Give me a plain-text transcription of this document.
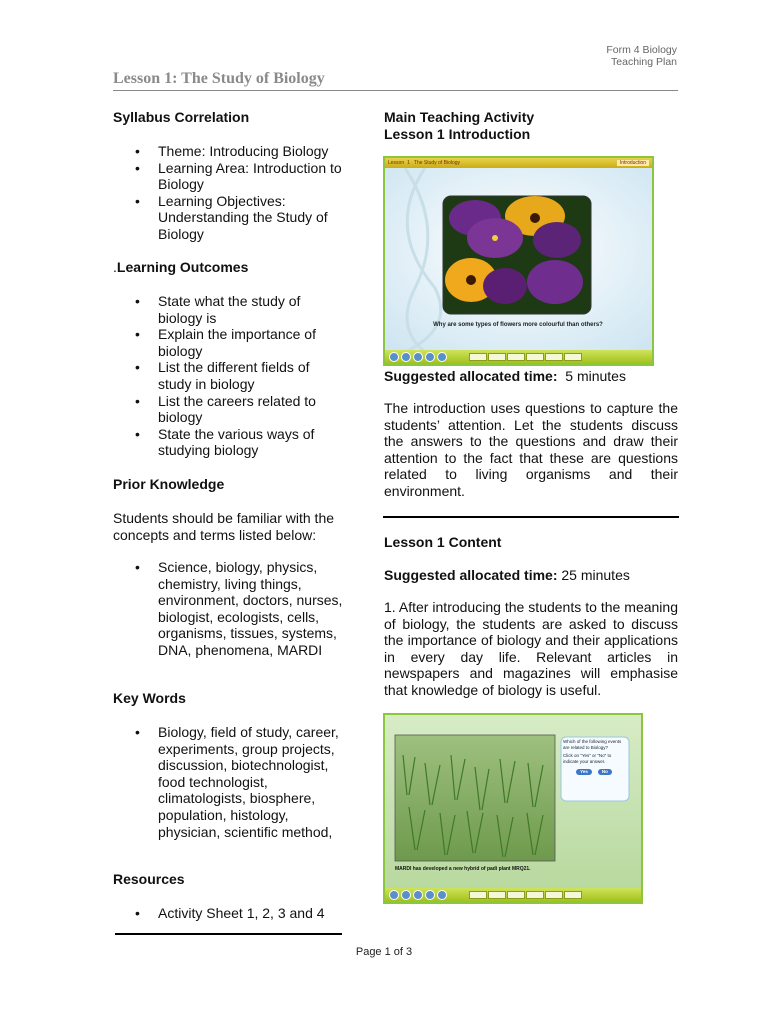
Form 4 Biology
Teaching Plan
Lesson 1: The Study of Biology
Syllabus Correlation
• Theme: Introducing Biology
• Learning Area: Introduction to Biology
• Learning Objectives: Understanding the Study of Biology
.Learning Outcomes
• State what the study of biology is
• Explain the importance of biology
• List the different fields of study in biology
• List the careers related to biology
• State the various ways of studying biology
Prior Knowledge
Students should be familiar with the concepts and terms listed below:
• Science, biology, physics, chemistry, living things, environment, doctors, nurses, biologist, ecologists, cells, organisms, tissues, systems, DNA, phenomena, MARDI
Key Words
• Biology, field of study, career, experiments, group projects, discussion, biotechnologist, food technologist, climatologists, biosphere, population, histology, physician, scientific method,
Resources
• Activity Sheet 1, 2, 3 and 4
Main Teaching Activity
Lesson 1 Introduction
Lesson 1 The Study of Biology	Introduction
Why are some types of flowers more colourful than others?
Suggested allocated time: 5 minutes
The introduction uses questions to capture the students’ attention. Let the students discuss the answers to the questions and draw their attention to the fact that these are questions related to living organisms and their environment.
Lesson 1 Content
Suggested allocated time: 25 minutes
1. After introducing the students to the meaning of biology, the students are asked to discuss the importance of biology and their applications in every day life. Relevant articles in newspapers and magazines will emphasise that knowledge of biology is useful.
MARDI has developed a new hybrid of padi plant MRQ21.
Which of the following events are related to Biology?
Click on "Yes" or "No" to indicate your answer.
Yes	No
Page 1 of 3
